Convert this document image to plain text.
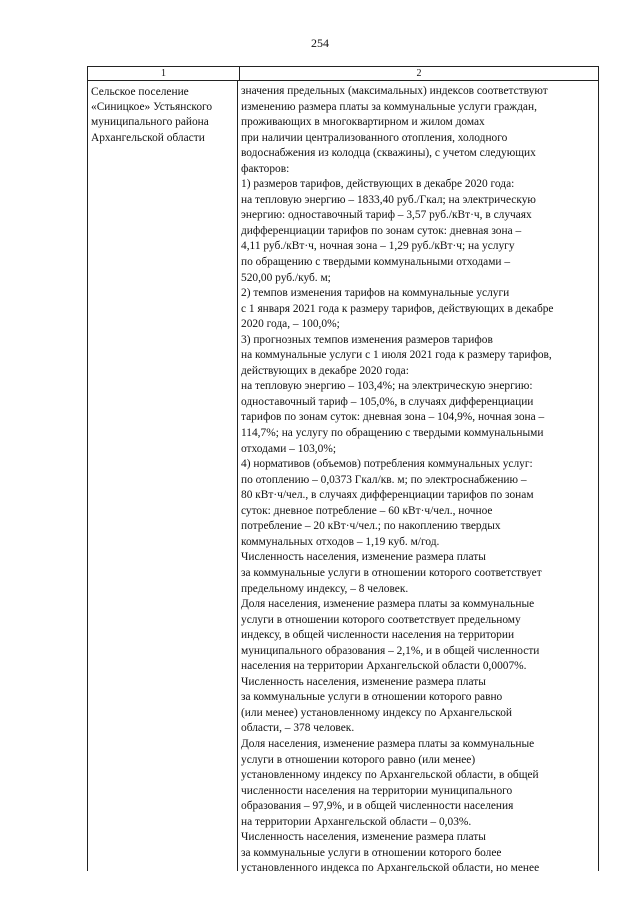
254
1	2
Сельское поселение
«Синицкое» Устьянского
муниципального района
Архангельской области
значения предельных (максимальных) индексов соответствуют
изменению размера платы за коммунальные услуги граждан,
проживающих в многоквартирном и жилом домах
при наличии централизованного отопления, холодного
водоснабжения из колодца (скважины), с учетом следующих
факторов:
1) размеров тарифов, действующих в декабре 2020 года:
на тепловую энергию – 1833,40 руб./Гкал; на электрическую
энергию: одноставочный тариф – 3,57 руб./кВт·ч, в случаях
дифференциации тарифов по зонам суток: дневная зона –
4,11 руб./кВт·ч, ночная зона – 1,29 руб./кВт·ч; на услугу
по обращению с твердыми коммунальными отходами –
520,00 руб./куб. м;
2) темпов изменения тарифов на коммунальные услуги
с 1 января 2021 года к размеру тарифов, действующих в декабре
2020 года, – 100,0%;
3) прогнозных темпов изменения размеров тарифов
на коммунальные услуги с 1 июля 2021 года к размеру тарифов,
действующих в декабре 2020 года:
на тепловую энергию – 103,4%; на электрическую энергию:
одноставочный тариф – 105,0%, в случаях дифференциации
тарифов по зонам суток: дневная зона – 104,9%, ночная зона –
114,7%; на услугу по обращению с твердыми коммунальными
отходами – 103,0%;
4) нормативов (объемов) потребления коммунальных услуг:
по отоплению – 0,0373 Гкал/кв. м; по электроснабжению –
80 кВт·ч/чел., в случаях дифференциации тарифов по зонам
суток: дневное потребление – 60 кВт·ч/чел., ночное
потребление – 20 кВт·ч/чел.; по накоплению твердых
коммунальных отходов – 1,19 куб. м/год.
Численность населения, изменение размера платы
за коммунальные услуги в отношении которого соответствует
предельному индексу, – 8 человек.
Доля населения, изменение размера платы за коммунальные
услуги в отношении которого соответствует предельному
индексу, в общей численности населения на территории
муниципального образования – 2,1%, и в общей численности
населения на территории Архангельской области 0,0007%.
Численность населения, изменение размера платы
за коммунальные услуги в отношении которого равно
(или менее) установленному индексу по Архангельской
области, – 378 человек.
Доля населения, изменение размера платы за коммунальные
услуги в отношении которого равно (или менее)
установленному индексу по Архангельской области, в общей
численности населения на территории муниципального
образования – 97,9%, и в общей численности населения
на территории Архангельской области – 0,03%.
Численность населения, изменение размера платы
за коммунальные услуги в отношении которого более
установленного индекса по Архангельской области, но менее
